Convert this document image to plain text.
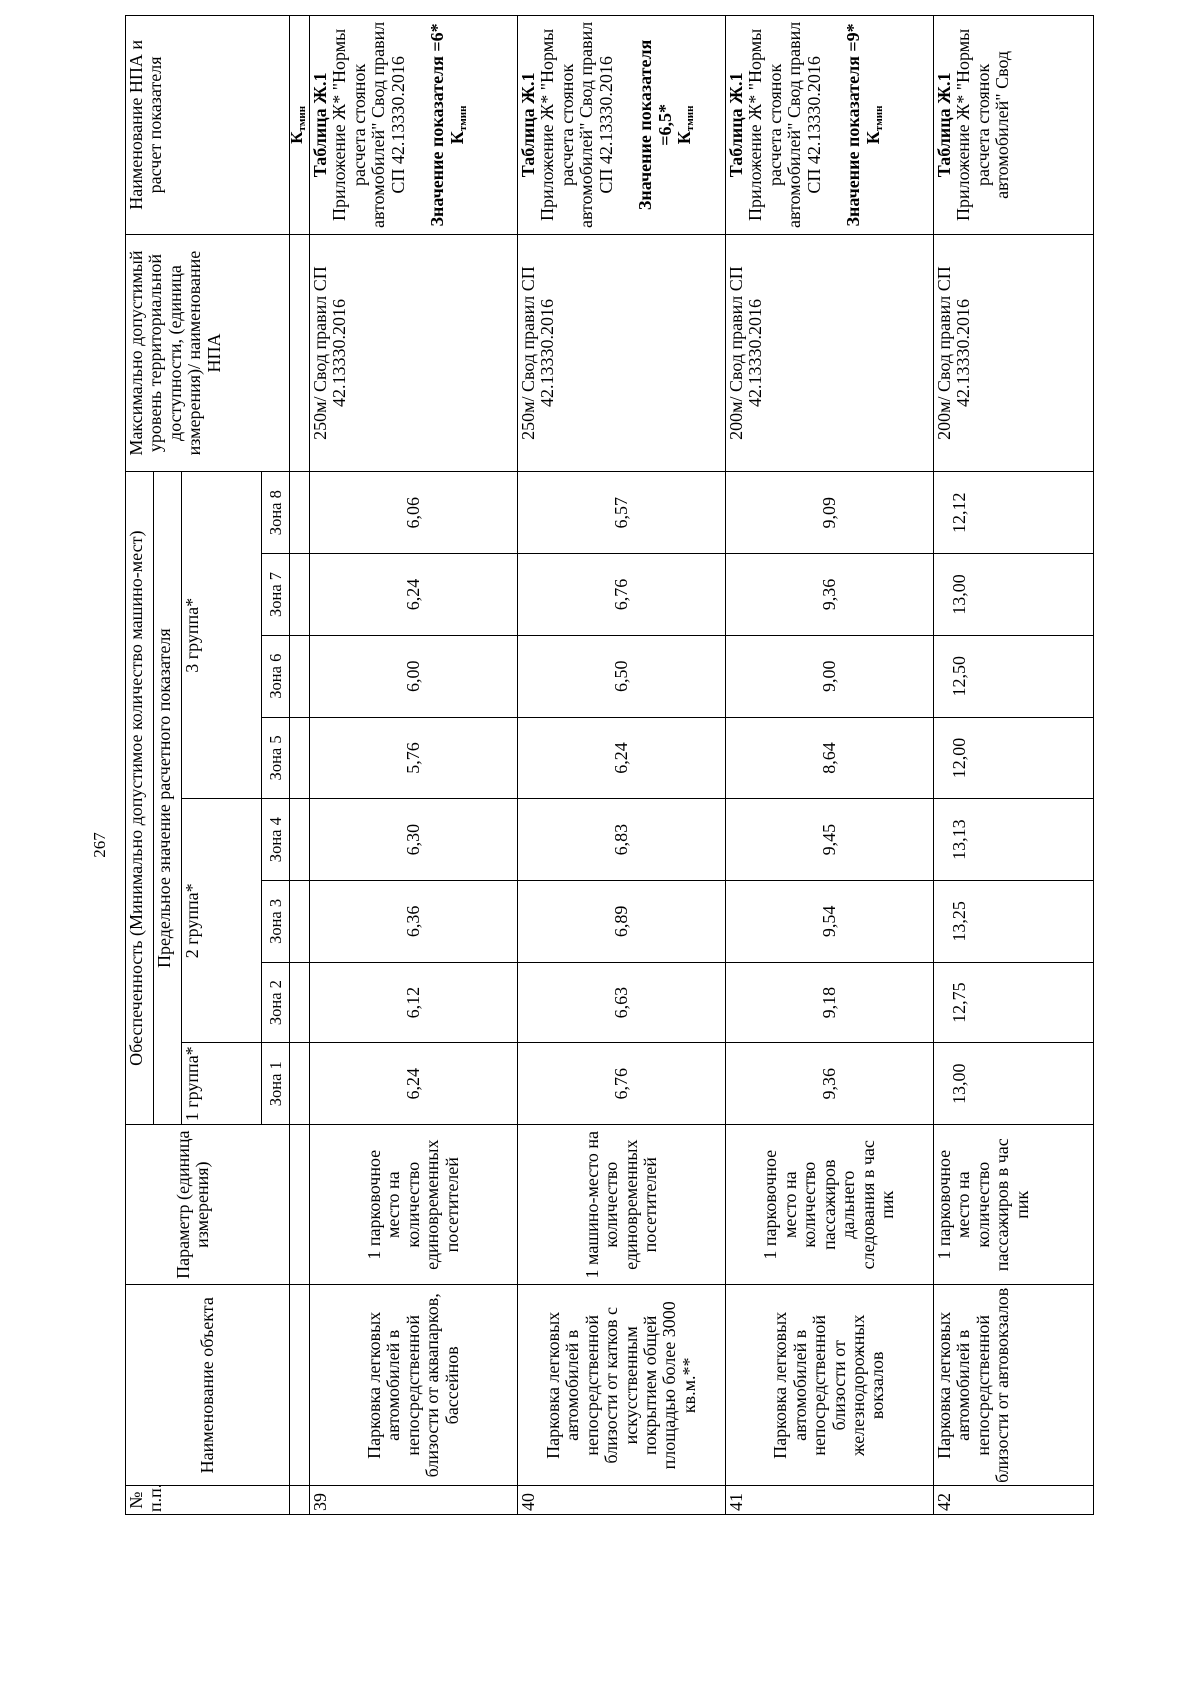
267
№ п.п.	Наименование объекта	Параметр (единица измерения)	Обеспеченность (Минимально допустимое количество машино-мест)								Максимально допустимый уровень территориальной доступности, (единица измерения)/ наименование НПА	Наименование НПА и расчет показателя
			Предельное значение расчетного показателя									
			1 группа*	2 группа*			3 группа*					
			Зона 1	Зона 2	Зона 3	Зона 4	Зона 5	Зона 6	Зона 7	Зона 8		
												$К_{тмин}$
39	Парковка легковых автомобилей в непосредственной близости от аквапарков, бассейнов	1 парковочное место на количество единовременных посетителей	6,24	6,12	6,36	6,30	5,76	6,00	6,24	6,06	250м/ Свод правил СП 42.13330.2016	Таблица Ж.1 Приложение Ж* "Нормы расчета стоянок автомобилей" Свод правил СП 42.13330.2016 Значение показателя =6* $К_{тмин}$

40	Парковка легковых автомобилей в непосредственной близости от катков с искусственным покрытием общей площадью более 3000 кв.м.**	1 машино-место на количество единовременных посетителей	6,76	6,63	6,89	6,83	6,24	6,50	6,76	6,57	250м/ Свод правил СП 42.13330.2016	Таблица Ж.1 Приложение Ж* "Нормы расчета стоянок автомобилей" Свод правил СП 42.13330.2016 Значение показателя =6,5* $К_{тмин}$

41	Парковка легковых автомобилей в непосредственной близости от железнодорожных вокзалов	1 парковочное место на количество пассажиров дальнего следования в час пик	9,36	9,18	9,54	9,45	8,64	9,00	9,36	9,09	200м/ Свод правил СП 42.13330.2016	Таблица Ж.1 Приложение Ж* "Нормы расчета стоянок автомобилей" Свод правил СП 42.13330.2016 Значение показателя =9* $К_{тмин}$

42	Парковка легковых автомобилей в непосредственной близости от автовокзалов	1 парковочное место на количество пассажиров в час пик	13,00	12,75	13,25	13,13	12,00	12,50	13,00	12,12	200м/ Свод правил СП 42.13330.2016	Таблица Ж.1 Приложение Ж* "Нормы расчета стоянок автомобилей" Свод
